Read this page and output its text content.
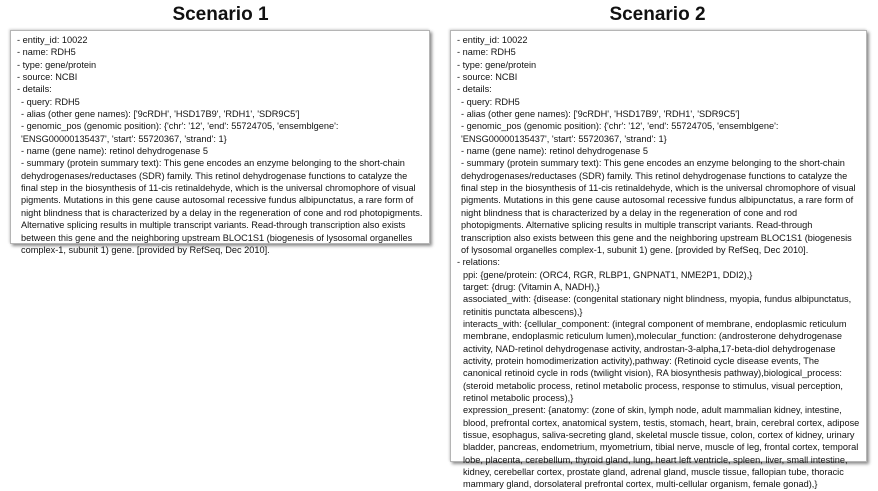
Scenario 1	Scenario 2
- entity_id: 10022
- name: RDH5
- type: gene/protein
- source: NCBI
- details:
- query: RDH5
- alias (other gene names): ['9cRDH', 'HSD17B9', 'RDH1', 'SDR9C5']
- genomic_pos (genomic position): {'chr': '12', 'end': 55724705, 'ensemblgene': 'ENSG00000135437', 'start': 55720367, 'strand': 1}
- name (gene name): retinol dehydrogenase 5
- summary (protein summary text): This gene encodes an enzyme belonging to the short-chain dehydrogenases/reductases (SDR) family. This retinol dehydrogenase functions to catalyze the final step in the biosynthesis of 11-cis retinaldehyde, which is the universal chromophore of visual pigments. Mutations in this gene cause autosomal recessive fundus albipunctatus, a rare form of night blindness that is characterized by a delay in the regeneration of cone and rod photopigments. Alternative splicing results in multiple transcript variants. Read-through transcription also exists between this gene and the neighboring upstream BLOC1S1 (biogenesis of lysosomal organelles complex-1, subunit 1) gene. [provided by RefSeq, Dec 2010].
- entity_id: 10022
- name: RDH5
- type: gene/protein
- source: NCBI
- details:
- query: RDH5
- alias (other gene names): ['9cRDH', 'HSD17B9', 'RDH1', 'SDR9C5']
- genomic_pos (genomic position): {'chr': '12', 'end': 55724705, 'ensemblgene': 'ENSG00000135437', 'start': 55720367, 'strand': 1}
- name (gene name): retinol dehydrogenase 5
- summary (protein summary text): This gene encodes an enzyme belonging to the short-chain dehydrogenases/reductases (SDR) family. This retinol dehydrogenase functions to catalyze the final step in the biosynthesis of 11-cis retinaldehyde, which is the universal chromophore of visual pigments. Mutations in this gene cause autosomal recessive fundus albipunctatus, a rare form of night blindness that is characterized by a delay in the regeneration of cone and rod photopigments. Alternative splicing results in multiple transcript variants. Read-through transcription also exists between this gene and the neighboring upstream BLOC1S1 (biogenesis of lysosomal organelles complex-1, subunit 1) gene. [provided by RefSeq, Dec 2010].
- relations:
ppi: {gene/protein: (ORC4, RGR, RLBP1, GNPNAT1, NME2P1, DDI2),}
target: {drug: (Vitamin A, NADH),}
associated_with: {disease: (congenital stationary night blindness, myopia, fundus albipunctatus, retinitis punctata albescens),}
interacts_with: {cellular_component: (integral component of membrane, endoplasmic reticulum membrane, endoplasmic reticulum lumen),molecular_function: (androsterone dehydrogenase activity, NAD-retinol dehydrogenase activity, androstan-3-alpha,17-beta-diol dehydrogenase activity, protein homodimerization activity),pathway: (Retinoid cycle disease events, The canonical retinoid cycle in rods (twilight vision), RA biosynthesis pathway),biological_process: (steroid metabolic process, retinol metabolic process, response to stimulus, visual perception, retinol metabolic process),}
expression_present: {anatomy: (zone of skin, lymph node, adult mammalian kidney, intestine, blood, prefrontal cortex, anatomical system, testis, stomach, heart, brain, cerebral cortex, adipose tissue, esophagus, saliva-secreting gland, skeletal muscle tissue, colon, cortex of kidney, urinary bladder, pancreas, endometrium, myometrium, tibial nerve, muscle of leg, frontal cortex, temporal lobe, placenta, cerebellum, thyroid gland, lung, heart left ventricle, spleen, liver, small intestine, kidney, cerebellar cortex, prostate gland, adrenal gland, muscle tissue, fallopian tube, thoracic mammary gland, dorsolateral prefrontal cortex, multi-cellular organism, female gonad),}
